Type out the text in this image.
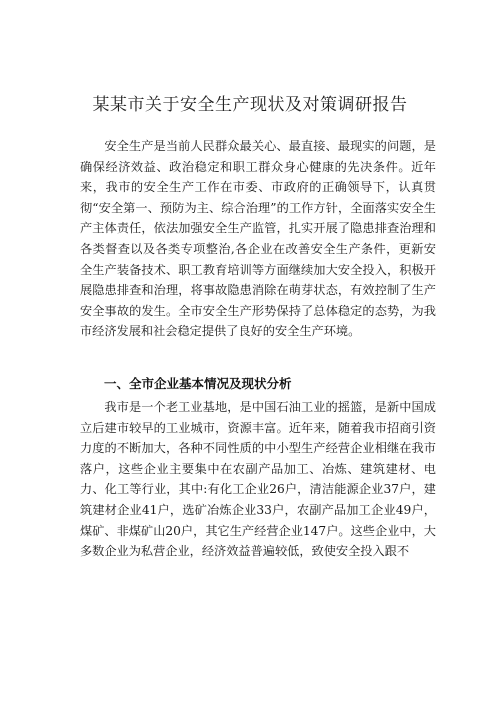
某某市关于安全生产现状及对策调研报告

安全生产是当前人民群众最关心、最直接、最现实的问题，是确保经济效益、政治稳定和职工群众身心健康的先决条件。近年来，我市的安全生产工作在市委、市政府的正确领导下，认真贯彻“安全第一、预防为主、综合治理”的工作方针，全面落实安全生产主体责任，依法加强安全生产监管，扎实开展了隐患排查治理和各类督查以及各类专项整治,各企业在改善安全生产条件，更新安全生产装备技术、职工教育培训等方面继续加大安全投入，积极开展隐患排查和治理，将事故隐患消除在萌芽状态，有效控制了生产安全事故的发生。全市安全生产形势保持了总体稳定的态势，为我市经济发展和社会稳定提供了良好的安全生产环境。

一、全市企业基本情况及现状分析

我市是一个老工业基地，是中国石油工业的摇篮，是新中国成立后建市较早的工业城市，资源丰富。近年来，随着我市招商引资力度的不断加大，各种不同性质的中小型生产经营企业相继在我市落户，这些企业主要集中在农副产品加工、冶炼、建筑建材、电力、化工等行业，其中:有化工企业26户，清洁能源企业37户，建筑建材企业41户，选矿冶炼企业33户，农副产品加工企业49户，煤矿、非煤矿山20户，其它生产经营企业147户。这些企业中，大多数企业为私营企业，经济效益普遍较低，致使安全投入跟不
